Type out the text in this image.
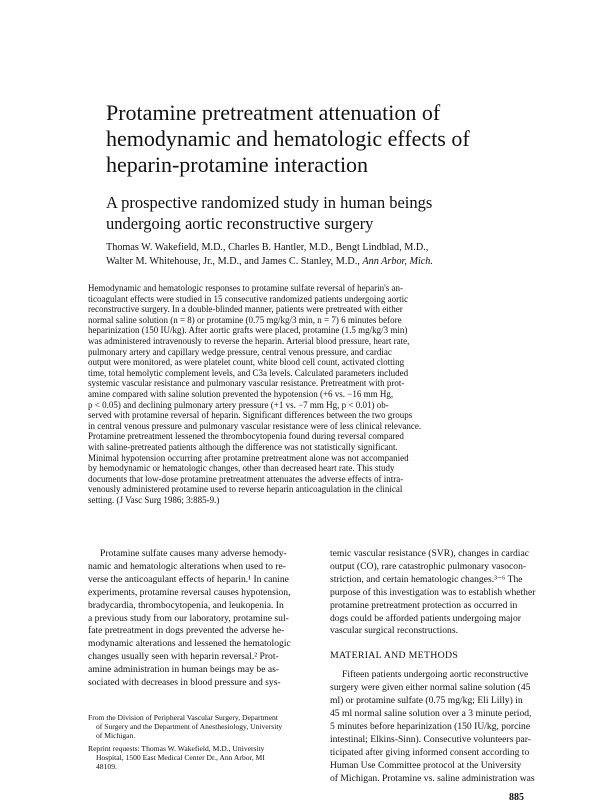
Protamine pretreatment attenuation of
hemodynamic and hematologic effects of
heparin-protamine interaction
A prospective randomized study in human beings
undergoing aortic reconstructive surgery
Thomas W. Wakefield, M.D., Charles B. Hantler, M.D., Bengt Lindblad, M.D.,
Walter M. Whitehouse, Jr., M.D., and James C. Stanley, M.D., Ann Arbor, Mich.
Hemodynamic and hematologic responses to protamine sulfate reversal of heparin's an-
ticoagulant effects were studied in 15 consecutive randomized patients undergoing aortic
reconstructive surgery. In a double-blinded manner, patients were pretreated with either
normal saline solution (n = 8) or protamine (0.75 mg/kg/3 min, n = 7) 6 minutes before
heparinization (150 IU/kg). After aortic grafts were placed, protamine (1.5 mg/kg/3 min)
was administered intravenously to reverse the heparin. Arterial blood pressure, heart rate,
pulmonary artery and capillary wedge pressure, central venous pressure, and cardiac
output were monitored, as were platelet count, white blood cell count, activated clotting
time, total hemolytic complement levels, and C3a levels. Calculated parameters included
systemic vascular resistance and pulmonary vascular resistance. Pretreatment with prot-
amine compared with saline solution prevented the hypotension (+6 vs. −16 mm Hg,
p < 0.05) and declining pulmonary artery pressure (+1 vs. −7 mm Hg, p < 0.01) ob-
served with protamine reversal of heparin. Significant differences between the two groups
in central venous pressure and pulmonary vascular resistance were of less clinical relevance.
Protamine pretreatment lessened the thrombocytopenia found during reversal compared
with saline-pretreated patients although the difference was not statistically significant.
Minimal hypotension occurring after protamine pretreatment alone was not accompanied
by hemodynamic or hematologic changes, other than decreased heart rate. This study
documents that low-dose protamine pretreatment attenuates the adverse effects of intra-
venously administered protamine used to reverse heparin anticoagulation in the clinical
setting. (J Vasc Surg 1986; 3:885-9.)
Protamine sulfate causes many adverse hemody-
namic and hematologic alterations when used to re-
verse the anticoagulant effects of heparin.¹ In canine
experiments, protamine reversal causes hypotension,
bradycardia, thrombocytopenia, and leukopenia. In
a previous study from our laboratory, protamine sul-
fate pretreatment in dogs prevented the adverse he-
modynamic alterations and lessened the hematologic
changes usually seen with heparin reversal.² Prot-
amine administration in human beings may be as-
sociated with decreases in blood pressure and sys-
temic vascular resistance (SVR), changes in cardiac
output (CO), rare catastrophic pulmonary vasocon-
striction, and certain hematologic changes.³⁻⁶ The
purpose of this investigation was to establish whether
protamine pretreatment protection as occurred in
dogs could be afforded patients undergoing major
vascular surgical reconstructions.
MATERIAL AND METHODS
Fifteen patients undergoing aortic reconstructive
surgery were given either normal saline solution (45
ml) or protamine sulfate (0.75 mg/kg; Eli Lilly) in
45 ml normal saline solution over a 3 minute period,
5 minutes before heparinization (150 IU/kg, porcine
intestinal; Elkins-Sinn). Consecutive volunteers par-
ticipated after giving informed consent according to
Human Use Committee protocol at the University
of Michigan. Protamine vs. saline administration was
From the Division of Peripheral Vascular Surgery, Department
of Surgery and the Department of Anesthesiology, University
of Michigan.
Reprint requests: Thomas W. Wakefield, M.D., University
Hospital, 1500 East Medical Center Dr., Ann Arbor, MI
48109.
885
